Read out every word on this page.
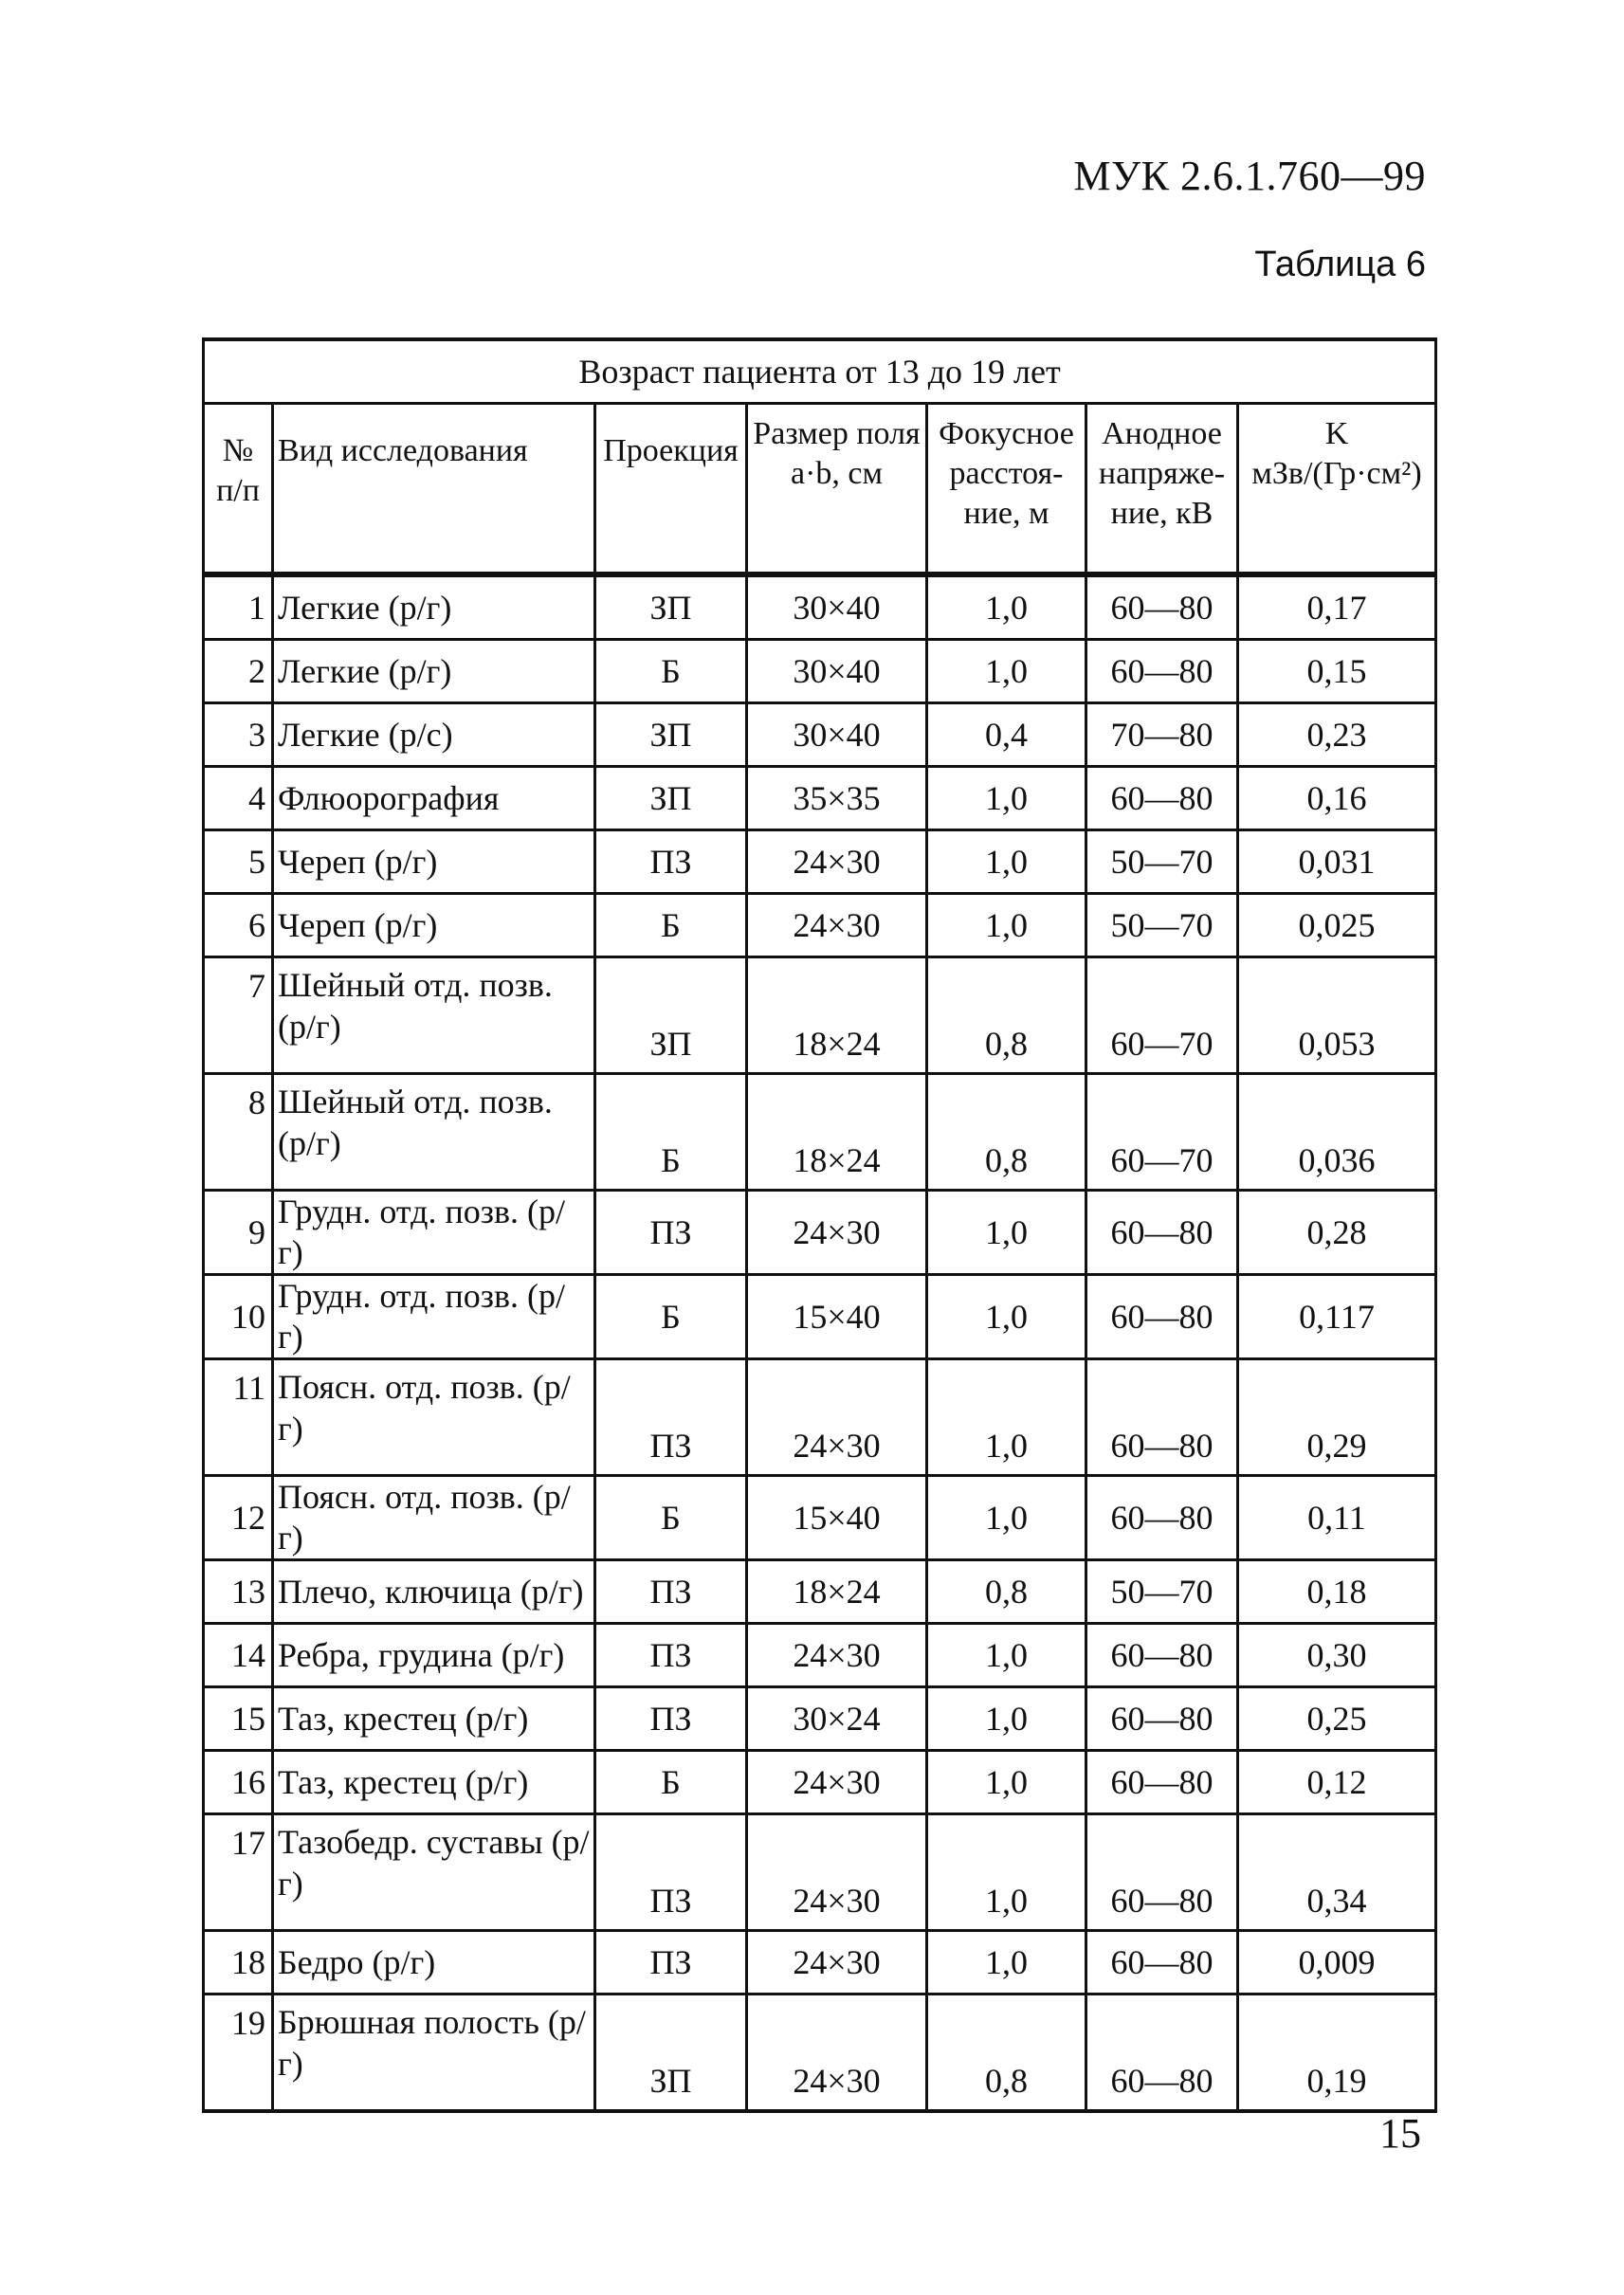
МУК 2.6.1.760—99
Таблица 6
Возраст пациента от 13 до 19 лет						
№ п/п	Вид исследования	Проекция	Размер поля a·b, см	Фокусное расстоя-ние, м	Анодное напряже-ние, кВ	K мЗв/(Гр·см²)
1	Легкие (р/г)	ЗП	30×40	1,0	60—80	0,17
2	Легкие (р/г)	Б	30×40	1,0	60—80	0,15
3	Легкие (р/с)	ЗП	30×40	0,4	70—80	0,23
4	Флюорография	ЗП	35×35	1,0	60—80	0,16
5	Череп (р/г)	ПЗ	24×30	1,0	50—70	0,031
6	Череп (р/г)	Б	24×30	1,0	50—70	0,025
7	Шейный отд. позв. (р/г)	ЗП	18×24	0,8	60—70	0,053
8	Шейный отд. позв. (р/г)	Б	18×24	0,8	60—70	0,036
9	Грудн. отд. позв. (р/г)	ПЗ	24×30	1,0	60—80	0,28
10	Грудн. отд. позв. (р/г)	Б	15×40	1,0	60—80	0,117
11	Поясн. отд. позв. (р/г)	ПЗ	24×30	1,0	60—80	0,29
12	Поясн. отд. позв. (р/г)	Б	15×40	1,0	60—80	0,11
13	Плечо, ключица (р/г)	ПЗ	18×24	0,8	50—70	0,18
14	Ребра, грудина (р/г)	ПЗ	24×30	1,0	60—80	0,30
15	Таз, крестец (р/г)	ПЗ	30×24	1,0	60—80	0,25
16	Таз, крестец (р/г)	Б	24×30	1,0	60—80	0,12
17	Тазобедр. суставы (р/г)	ПЗ	24×30	1,0	60—80	0,34
18	Бедро (р/г)	ПЗ	24×30	1,0	60—80	0,009
19	Брюшная полость (р/г)	ЗП	24×30	0,8	60—80	0,19
15
